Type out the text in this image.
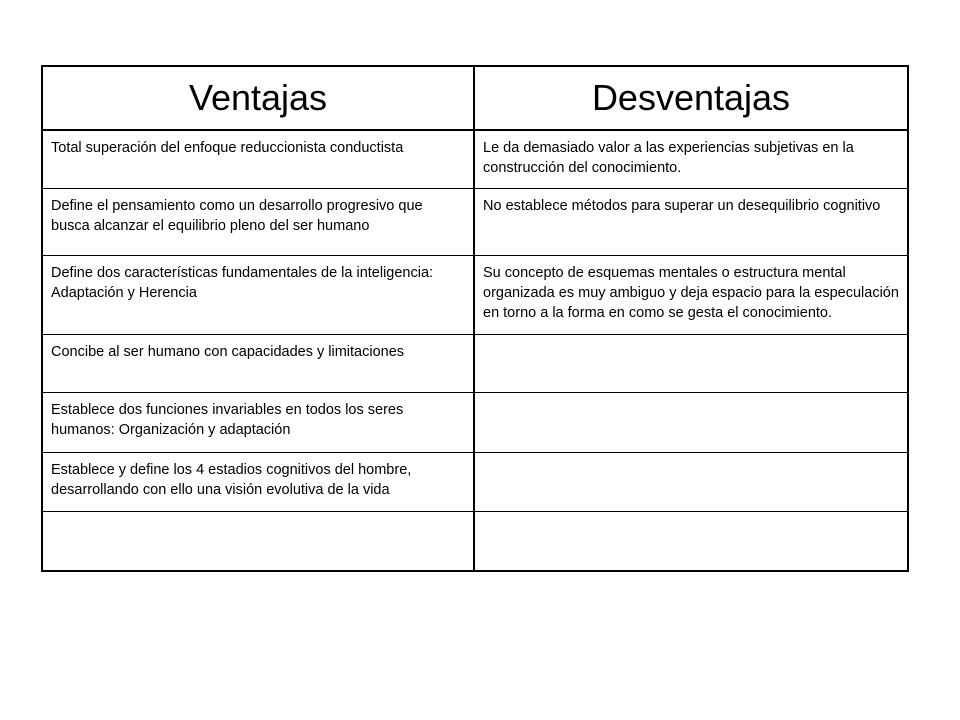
Ventajas	Desventajas
Total superación del enfoque reduccionista conductista	Le da demasiado valor a las experiencias subjetivas en la construcción del conocimiento.
Define el pensamiento como un desarrollo progresivo que busca alcanzar el equilibrio pleno del ser humano	No establece métodos para superar un desequilibrio cognitivo
Define dos características fundamentales de la inteligencia: Adaptación y Herencia	Su concepto de esquemas mentales o estructura mental organizada es muy ambiguo y deja espacio para la especulación en torno a la forma en como se gesta el conocimiento.
Concibe al ser humano con capacidades y limitaciones	
Establece dos funciones invariables en todos los seres humanos: Organización y adaptación	
Establece y define los 4 estadios cognitivos del hombre, desarrollando con ello una visión evolutiva de la vida	
